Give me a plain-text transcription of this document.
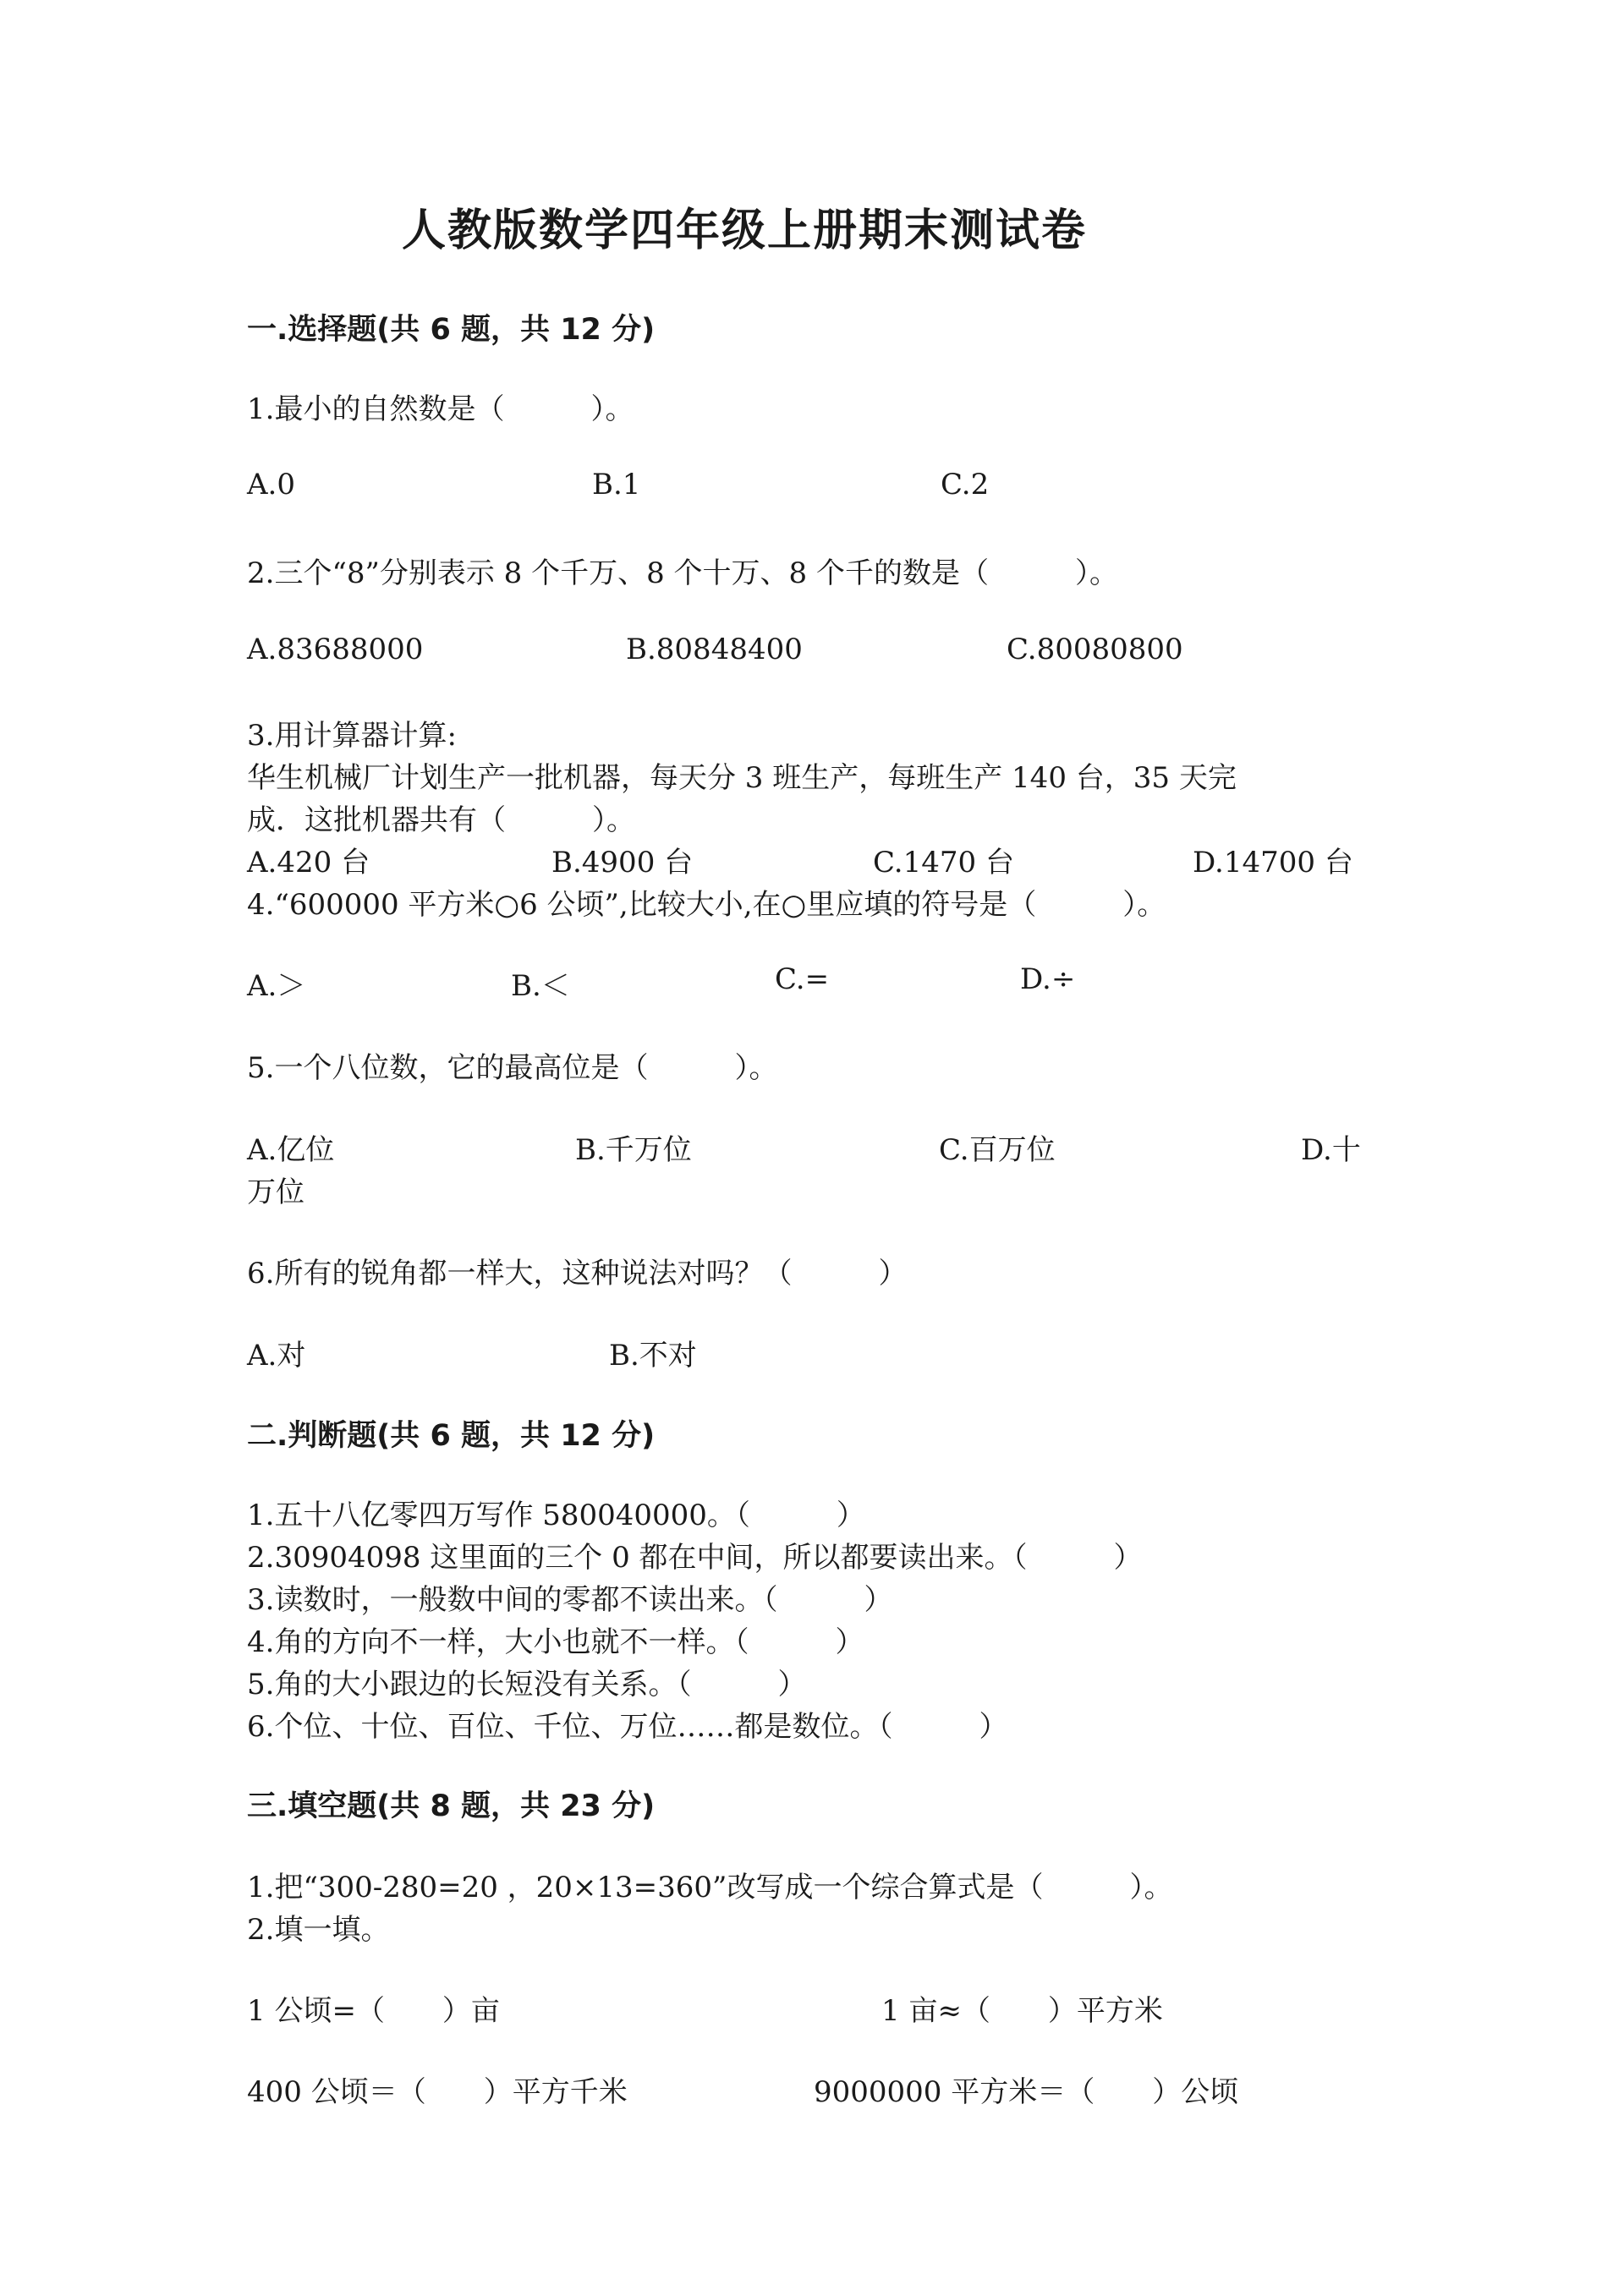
人教版数学四年级上册期末测试卷
一.选择题(共 6 题，共 12 分)
1.最小的自然数是（　　　）。
A.0	B.1	C.2
2.三个“8”分别表示 8 个千万、8 个十万、8 个千的数是（　　　）。
A.83688000	B.80848400	C.80080800
3.用计算器计算:
华生机械厂计划生产一批机器，每天分 3 班生产，每班生产 140 台，35 天完
成．这批机器共有（　　　）。
A.420 台	B.4900 台	C.1470 台	D.14700 台
4.“600000 平方米○6 公顷”,比较大小,在○里应填的符号是（　　　）。
A.＞	B.＜	C.=	D.÷
5.一个八位数，它的最高位是（　　　）。
A.亿位	B.千万位	C.百万位	D.十
万位
6.所有的锐角都一样大，这种说法对吗？（　　　）
A.对	B.不对
二.判断题(共 6 题，共 12 分)
1.五十八亿零四万写作 580040000。（　　　）
2.30904098 这里面的三个 0 都在中间，所以都要读出来。（　　　）
3.读数时，一般数中间的零都不读出来。（　　　）
4.角的方向不一样，大小也就不一样。（　　　）
5.角的大小跟边的长短没有关系。（　　　）
6.个位、十位、百位、千位、万位……都是数位。（　　　）
三.填空题(共 8 题，共 23 分)
1.把“300-280=20 ，20×13=360”改写成一个综合算式是（　　　）。
2.填一填。
1 公顷=（　　）亩	1 亩≈（　　）平方米
400 公顷＝（　　）平方千米	9000000 平方米＝（　　）公顷
